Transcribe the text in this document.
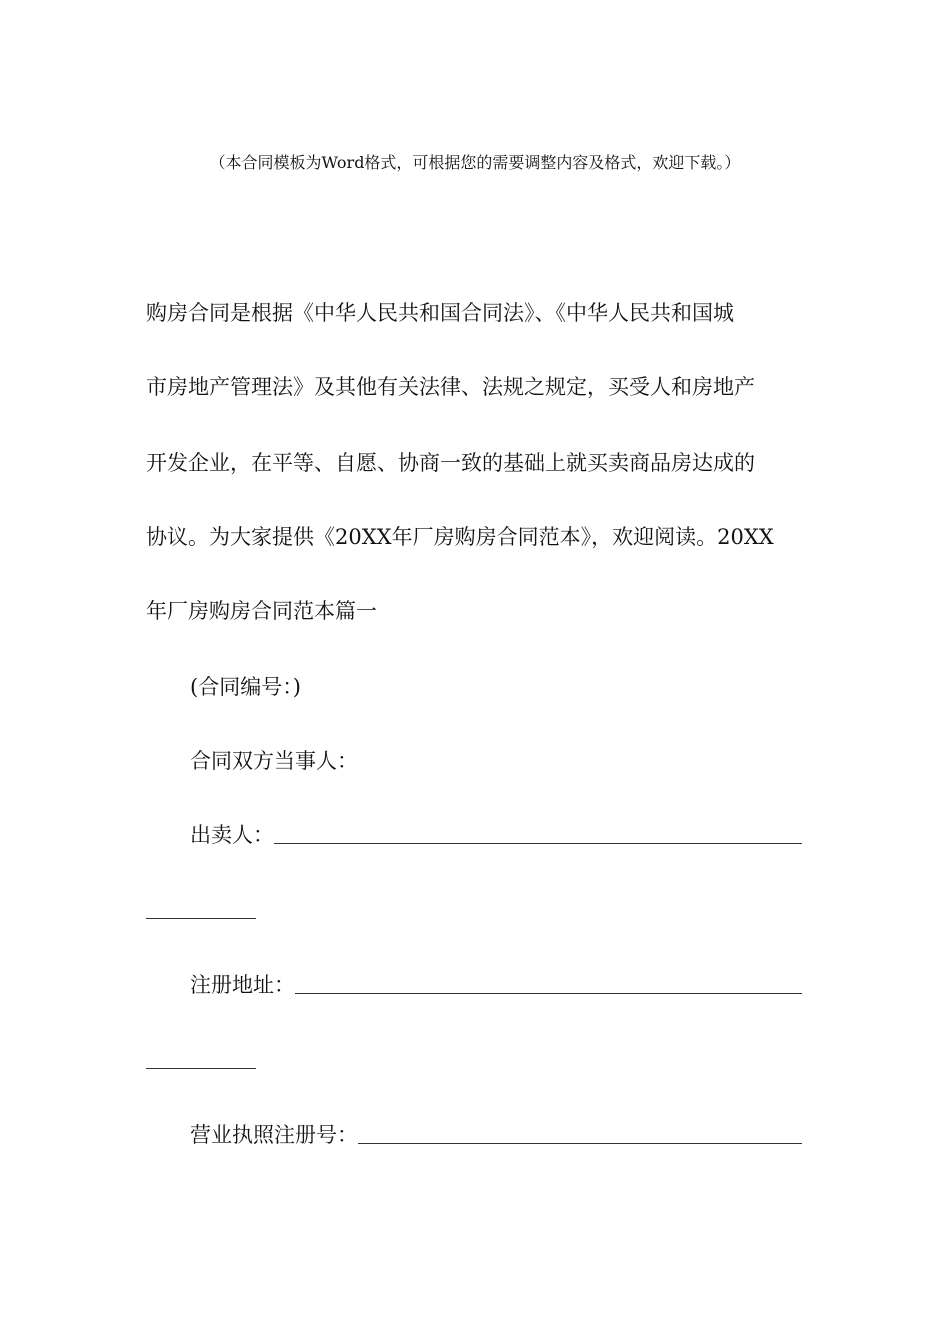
（本合同模板为Word格式，可根据您的需要调整内容及格式，欢迎下载。）
购房合同是根据《中华人民共和国合同法》、《中华人民共和国城
市房地产管理法》及其他有关法律、法规之规定，买受人和房地产
开发企业，在平等、自愿、协商一致的基础上就买卖商品房达成的
协议。为大家提供《20XX年厂房购房合同范本》，欢迎阅读。20XX
年厂房购房合同范本篇一
(合同编号：)
合同双方当事人：
出卖人：
注册地址：
营业执照注册号：
